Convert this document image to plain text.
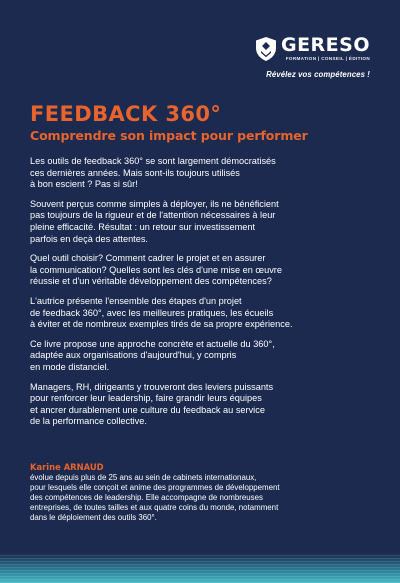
GERESO
FORMATION | CONSEIL | ÉDITION
Révélez vos compétences !
FEEDBACK 360°
Comprendre son impact pour performer

Les outils de feedback 360° se sont largement démocratisés
ces dernières années. Mais sont-ils toujours utilisés
à bon escient ? Pas si sûr!

Souvent perçus comme simples à déployer, ils ne bénéficient
pas toujours de la rigueur et de l'attention nécessaires à leur
pleine efficacité. Résultat : un retour sur investissement
parfois en deçà des attentes.

Quel outil choisir? Comment cadrer le projet et en assurer
la communication? Quelles sont les clés d'une mise en œuvre
réussie et d'un véritable développement des compétences?

L'autrice présente l'ensemble des étapes d'un projet
de feedback 360°, avec les meilleures pratiques, les écueils
à éviter et de nombreux exemples tirés de sa propre expérience.

Ce livre propose une approche concrète et actuelle du 360°,
adaptée aux organisations d'aujourd'hui, y compris
en mode distanciel.

Managers, RH, dirigeants y trouveront des leviers puissants
pour renforcer leur leadership, faire grandir leurs équipes
et ancrer durablement une culture du feedback au service
de la performance collective.

Karine ARNAUD
évolue depuis plus de 25 ans au sein de cabinets internationaux,
pour lesquels elle conçoit et anime des programmes de développement
des compétences de leadership. Elle accompagne de nombreuses
entreprises, de toutes tailles et aux quatre coins du monde, notamment
dans le déploiement des outils 360°.
